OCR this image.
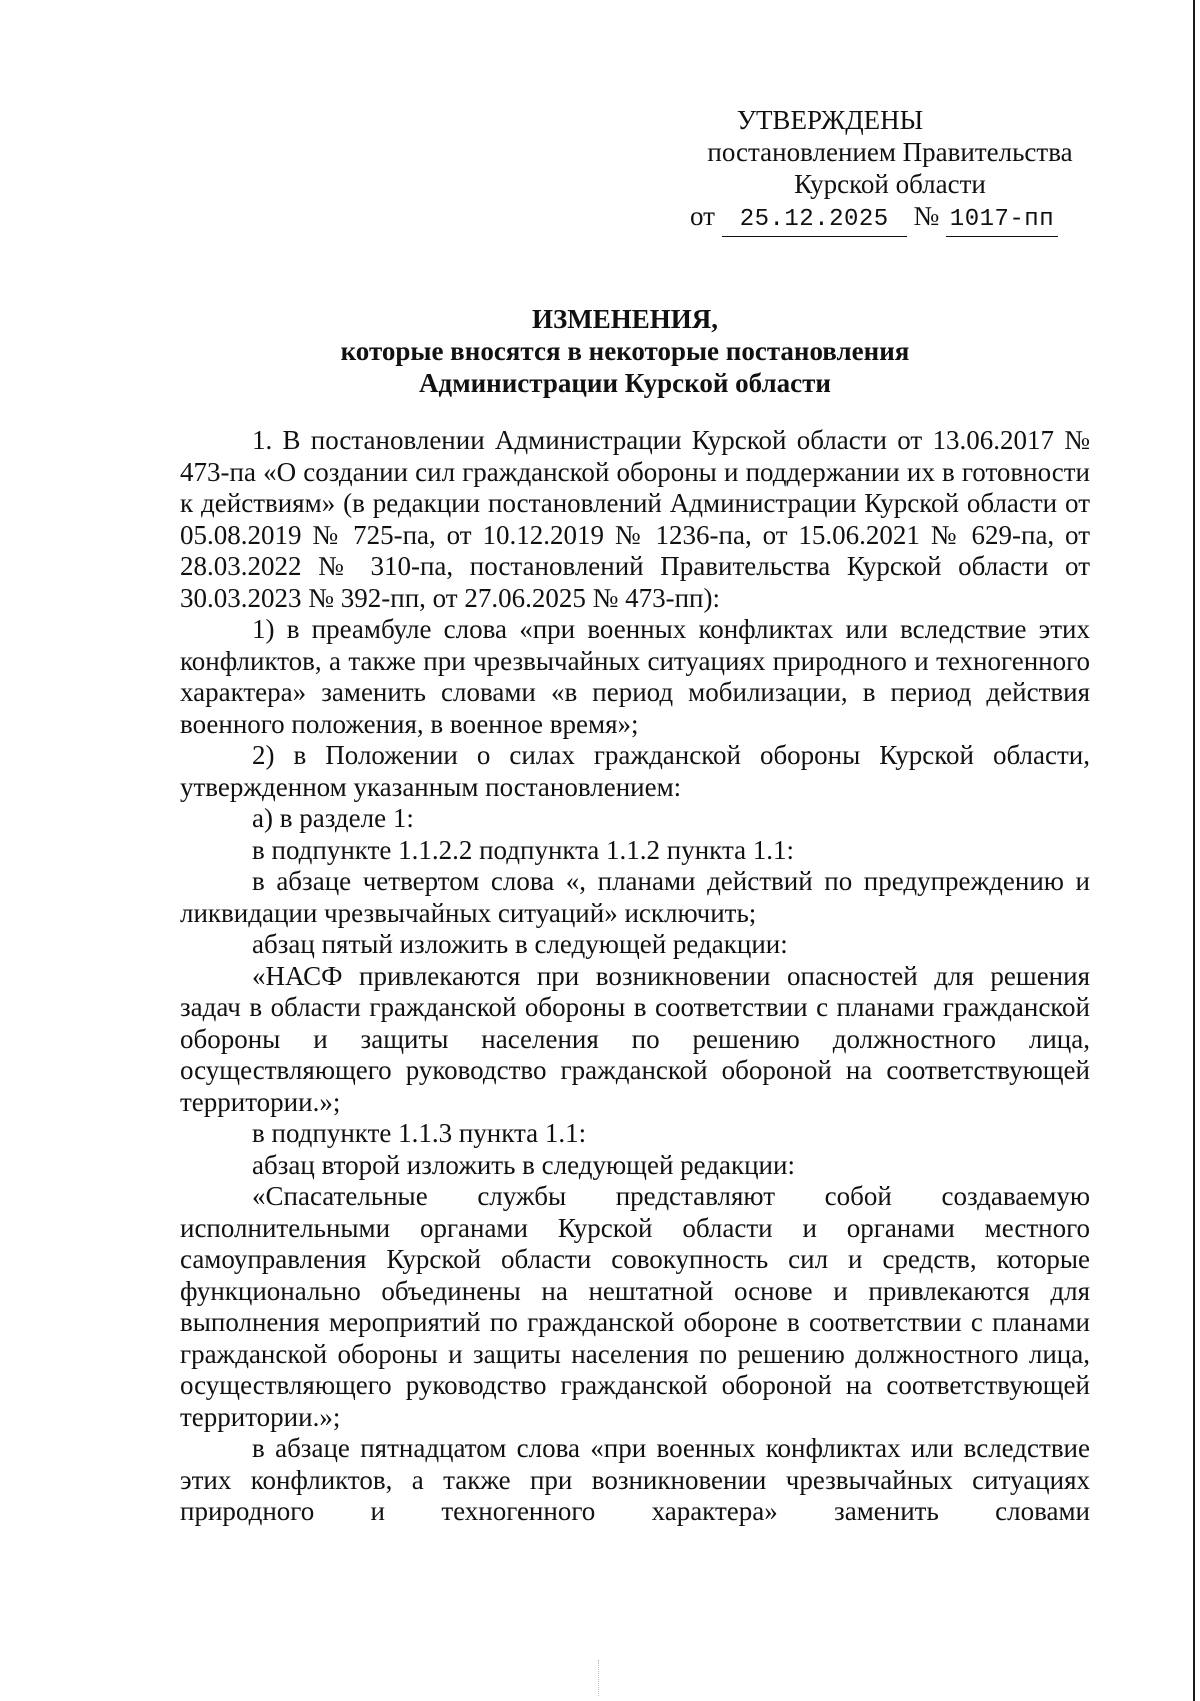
УТВЕРЖДЕНЫ
постановлением Правительства
Курской области
от 25.12.2025 № 1017-пп
ИЗМЕНЕНИЯ,
которые вносятся в некоторые постановления
Администрации Курской области

1. В постановлении Администрации Курской области от 13.06.2017 № 473-па «О создании сил гражданской обороны и поддержании их в готовности к действиям» (в редакции постановлений Администрации Курской области от 05.08.2019 № 725-па, от 10.12.2019 № 1236-па, от 15.06.2021 № 629-па, от 28.03.2022 № 310-па, постановлений Правительства Курской области от 30.03.2023 № 392-пп, от 27.06.2025 № 473-пп):

1) в преамбуле слова «при военных конфликтах или вследствие этих конфликтов, а также при чрезвычайных ситуациях природного и техногенного характера» заменить словами «в период мобилизации, в период действия военного положения, в военное время»;

2) в Положении о силах гражданской обороны Курской области, утвержденном указанным постановлением:

а) в разделе 1:

в подпункте 1.1.2.2 подпункта 1.1.2 пункта 1.1:

в абзаце четвертом слова «, планами действий по предупреждению и ликвидации чрезвычайных ситуаций» исключить;

абзац пятый изложить в следующей редакции:

«НАСФ привлекаются при возникновении опасностей для решения задач в области гражданской обороны в соответствии с планами гражданской обороны и защиты населения по решению должностного лица, осуществляющего руководство гражданской обороной на соответствующей территории.»;

в подпункте 1.1.3 пункта 1.1:

абзац второй изложить в следующей редакции:

«Спасательные службы представляют собой создаваемую исполнительными органами Курской области и органами местного самоуправления Курской области совокупность сил и средств, которые функционально объединены на нештатной основе и привлекаются для выполнения мероприятий по гражданской обороне в соответствии с планами гражданской обороны и защиты населения по решению должностного лица, осуществляющего руководство гражданской обороной на соответствующей территории.»;

в абзаце пятнадцатом слова «при военных конфликтах или вследствие этих конфликтов, а также при возникновении чрезвычайных ситуациях природного и техногенного характера» заменить словами
